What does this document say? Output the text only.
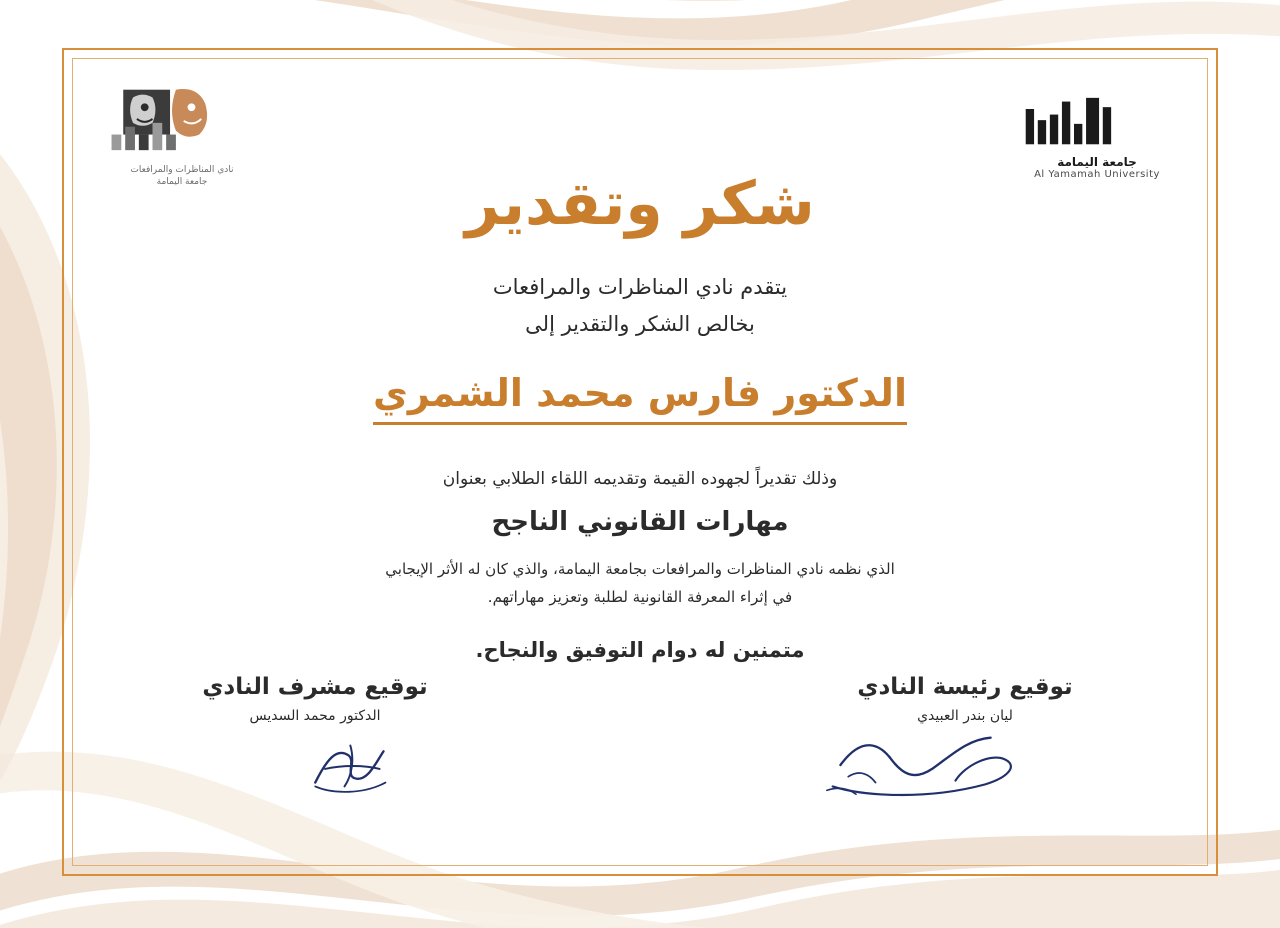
نادي المناظرات والمرافعات
جامعة اليمامة
جامعة اليمامة
Al Yamamah University
شكر وتقدير
يتقدم نادي المناظرات والمرافعات
بخالص الشكر والتقدير إلى
الدكتور فارس محمد الشمري
وذلك تقديراً لجهوده القيمة وتقديمه اللقاء الطلابي بعنوان
مهارات القانوني الناجح
الذي نظمه نادي المناظرات والمرافعات بجامعة اليمامة، والذي كان له الأثر الإيجابي
في إثراء المعرفة القانونية لطلبة وتعزيز مهاراتهم.
متمنين له دوام التوفيق والنجاح.
توقيع مشرف النادي
الدكتور محمد السديس
توقيع رئيسة النادي
ليان بندر العبيدي
